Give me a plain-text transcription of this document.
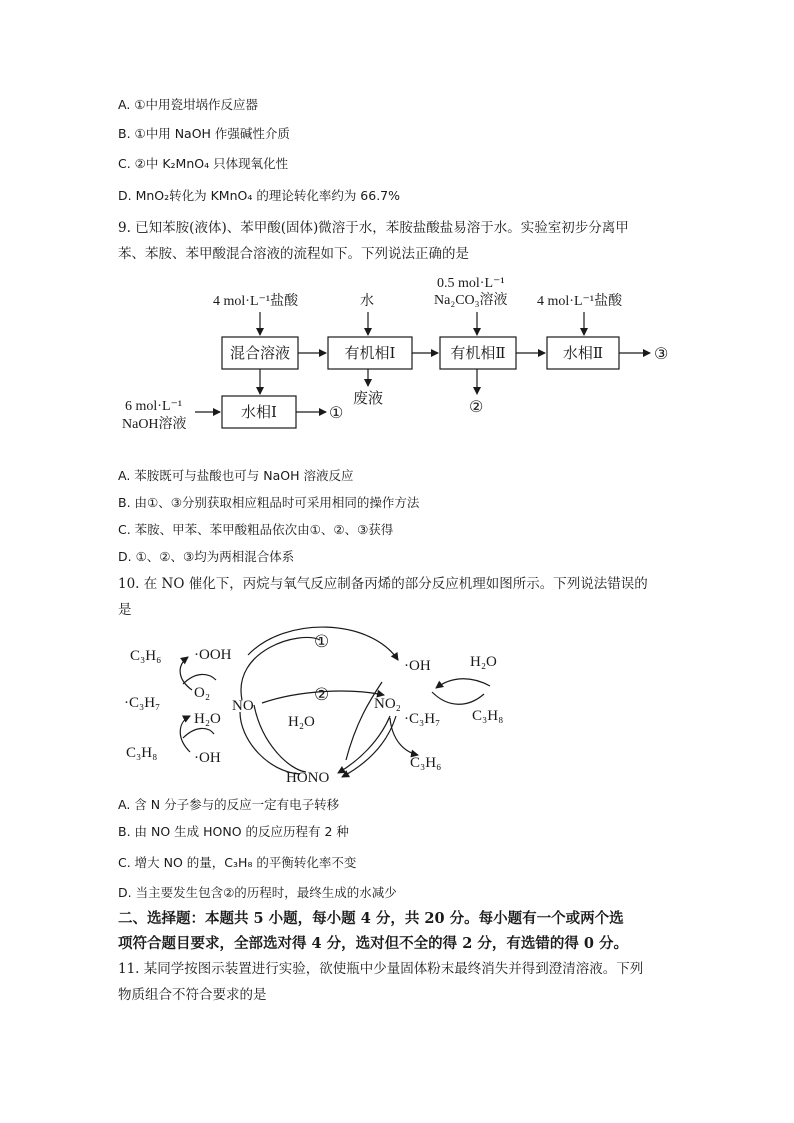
A. ①中用瓷坩埚作反应器
B. ①中用 NaOH 作强碱性介质
C. ②中 K₂MnO₄ 只体现氧化性
D. MnO₂转化为 KMnO₄ 的理论转化率约为 66.7%
9. 已知苯胺(液体)、苯甲酸(固体)微溶于水，苯胺盐酸盐易溶于水。实验室初步分离甲
苯、苯胺、苯甲酸混合溶液的流程如下。下列说法正确的是
4 mol·L⁻¹盐酸	水
0.5 mol·L⁻¹
Na₂CO₃溶液 4 mol·L⁻¹盐酸
6 mol·L⁻¹
NaOH溶液
混合溶液	有机相Ⅰ	有机相Ⅱ	水相Ⅱ
水相Ⅰ
废液
①	②
③
A. 苯胺既可与盐酸也可与 NaOH 溶液反应
B. 由①、③分别获取相应粗品时可采用相同的操作方法
C. 苯胺、甲苯、苯甲酸粗品依次由①、②、③获得
D. ①、②、③均为两相混合体系
10. 在 NO 催化下，丙烷与氧气反应制备丙烯的部分反应机理如图所示。下列说法错误的
是
C₃H₆ ·OOH
·C₃H₇
O₂
H₂O
C₃H₈ ·OH
NO
HONO
H₂O
NO₂
·C₃H₇
C₃H₆
·OH	H₂O
C₃H₈
①
②
A. 含 N 分子参与的反应一定有电子转移
B. 由 NO 生成 HONO 的反应历程有 2 种
C. 增大 NO 的量，C₃H₈ 的平衡转化率不变
D. 当主要发生包含②的历程时，最终生成的水减少
二、选择题：本题共 5 小题，每小题 4 分，共 20 分。每小题有一个或两个选
项符合题目要求，全部选对得 4 分，选对但不全的得 2 分，有选错的得 0 分。
11. 某同学按图示装置进行实验，欲使瓶中少量固体粉末最终消失并得到澄清溶液。下列
物质组合不符合要求的是
